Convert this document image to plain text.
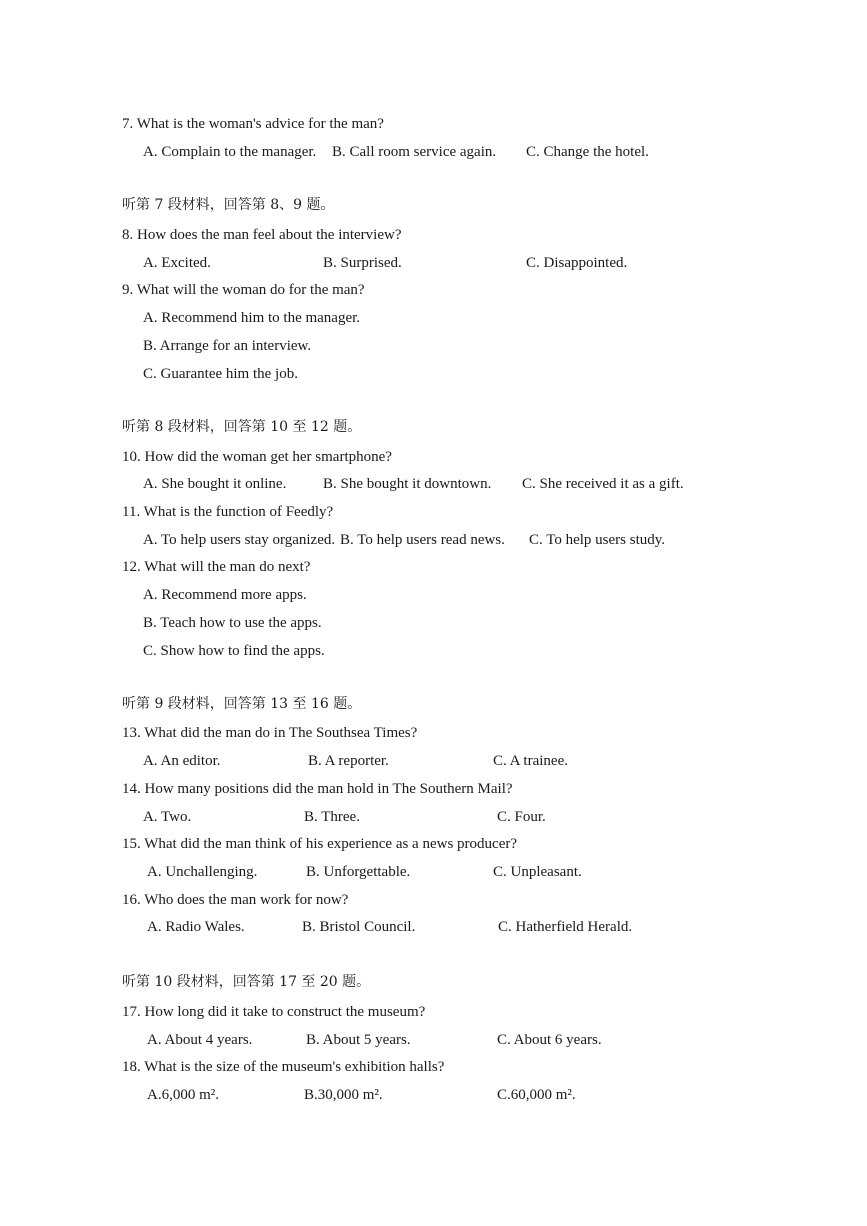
7. What is the woman's advice for the man?
A. Complain to the manager. B. Call room service again. C. Change the hotel.
听第 7 段材料，回答第 8、9 题。
8. How does the man feel about the interview?
A. Excited.	B. Surprised.	C. Disappointed.
9. What will the woman do for the man?
A. Recommend him to the manager.
B. Arrange for an interview.
C. Guarantee him the job.
听第 8 段材料，回答第 10 至 12 题。
10. How did the woman get her smartphone?
A. She bought it online. B. She bought it downtown. C. She received it as a gift.
11. What is the function of Feedly?
A. To help users stay organized. B. To help users read news. C. To help users study.
12. What will the man do next?
A. Recommend more apps.
B. Teach how to use the apps.
C. Show how to find the apps.
听第 9 段材料，回答第 13 至 16 题。
13. What did the man do in The Southsea Times?
A. An editor.	B. A reporter.	C. A trainee.
14. How many positions did the man hold in The Southern Mail?
A. Two.	B. Three.	C. Four.
15. What did the man think of his experience as a news producer?
A. Unchallenging.	B. Unforgettable.	C. Unpleasant.
16. Who does the man work for now?
A. Radio Wales.	B. Bristol Council.	C. Hatherfield Herald.
听第 10 段材料，回答第 17 至 20 题。
17. How long did it take to construct the museum?
A. About 4 years.	B. About 5 years.	C. About 6 years.
18. What is the size of the museum's exhibition halls?
A.6,000 m².	B.30,000 m².	C.60,000 m².
